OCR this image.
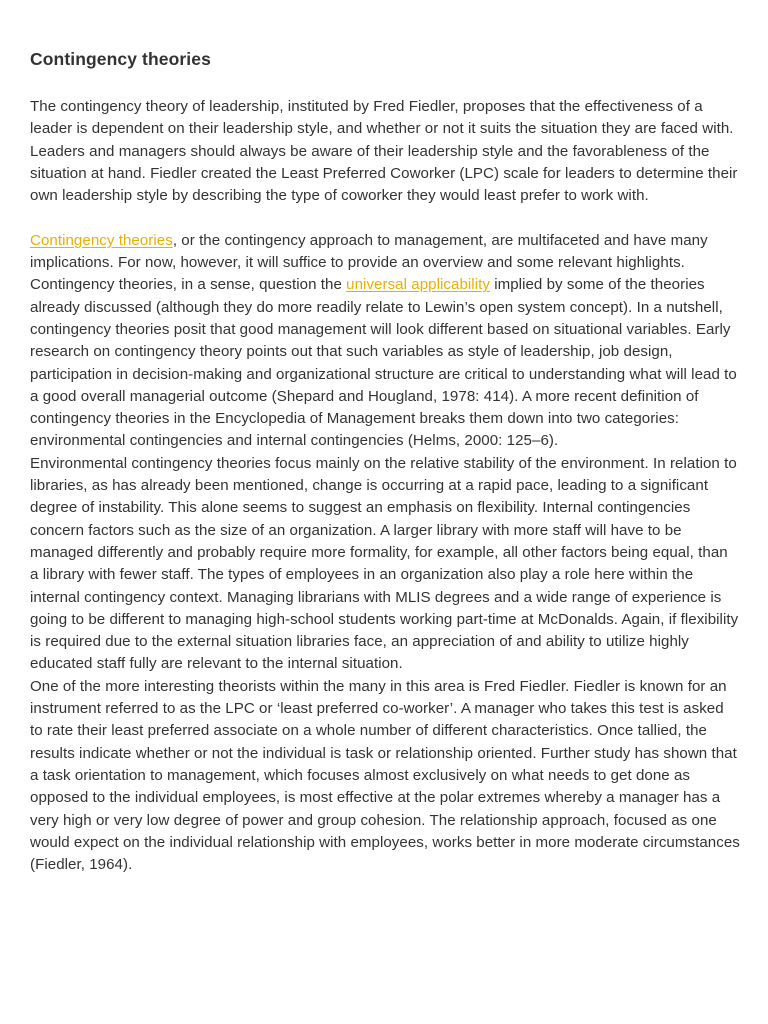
Contingency theories

The contingency theory of leadership, instituted by Fred Fiedler, proposes that the effectiveness of a leader is dependent on their leadership style, and whether or not it suits the situation they are faced with. Leaders and managers should always be aware of their leadership style and the favorableness of the situation at hand. Fiedler created the Least Preferred Coworker (LPC) scale for leaders to determine their own leadership style by describing the type of coworker they would least prefer to work with.

Contingency theories, or the contingency approach to management, are multifaceted and have many implications. For now, however, it will suffice to provide an overview and some relevant highlights. Contingency theories, in a sense, question the universal applicability implied by some of the theories already discussed (although they do more readily relate to Lewin’s open system concept). In a nutshell, contingency theories posit that good management will look different based on situational variables. Early research on contingency theory points out that such variables as style of leadership, job design, participation in decision-making and organizational structure are critical to understanding what will lead to a good overall managerial outcome (Shepard and Hougland, 1978: 414). A more recent definition of contingency theories in the Encyclopedia of Management breaks them down into two categories: environmental contingencies and internal contingencies (Helms, 2000: 125–6).

Environmental contingency theories focus mainly on the relative stability of the environment. In relation to libraries, as has already been mentioned, change is occurring at a rapid pace, leading to a significant degree of instability. This alone seems to suggest an emphasis on flexibility. Internal contingencies concern factors such as the size of an organization. A larger library with more staff will have to be managed differently and probably require more formality, for example, all other factors being equal, than a library with fewer staff. The types of employees in an organization also play a role here within the internal contingency context. Managing librarians with MLIS degrees and a wide range of experience is going to be different to managing high-school students working part-time at McDonalds. Again, if flexibility is required due to the external situation libraries face, an appreciation of and ability to utilize highly educated staff fully are relevant to the internal situation.

One of the more interesting theorists within the many in this area is Fred Fiedler. Fiedler is known for an instrument referred to as the LPC or ‘least preferred co-worker’. A manager who takes this test is asked to rate their least preferred associate on a whole number of different characteristics. Once tallied, the results indicate whether or not the individual is task or relationship oriented. Further study has shown that a task orientation to management, which focuses almost exclusively on what needs to get done as opposed to the individual employees, is most effective at the polar extremes whereby a manager has a very high or very low degree of power and group cohesion. The relationship approach, focused as one would expect on the individual relationship with employees, works better in more moderate circumstances (Fiedler, 1964).
